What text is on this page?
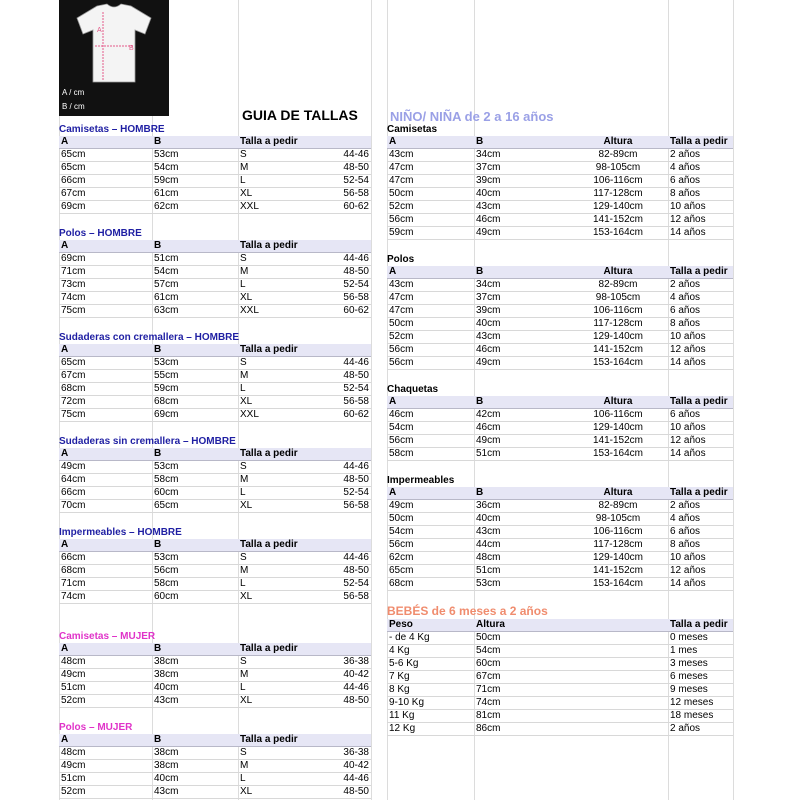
A
B
A / cm
B / cm
GUIA DE TALLAS
Camisetas – HOMBRE
A	B	Talla a pedir	
65cm	53cm	S	44-46
65cm	54cm	M	48-50
66cm	59cm	L	52-54
67cm	61cm	XL	56-58
69cm	62cm	XXL	60-62
Polos – HOMBRE
A	B	Talla a pedir	
69cm	51cm	S	44-46
71cm	54cm	M	48-50
73cm	57cm	L	52-54
74cm	61cm	XL	56-58
75cm	63cm	XXL	60-62
Sudaderas con cremallera – HOMBRE
A	B	Talla a pedir	
65cm	53cm	S	44-46
67cm	55cm	M	48-50
68cm	59cm	L	52-54
72cm	68cm	XL	56-58
75cm	69cm	XXL	60-62
Sudaderas sin cremallera – HOMBRE
A	B	Talla a pedir	
49cm	53cm	S	44-46
64cm	58cm	M	48-50
66cm	60cm	L	52-54
70cm	65cm	XL	56-58
Impermeables – HOMBRE
A	B	Talla a pedir	
66cm	53cm	S	44-46
68cm	56cm	M	48-50
71cm	58cm	L	52-54
74cm	60cm	XL	56-58
Camisetas – MUJER
A	B	Talla a pedir	
48cm	38cm	S	36-38
49cm	38cm	M	40-42
51cm	40cm	L	44-46
52cm	43cm	XL	48-50
Polos – MUJER
A	B	Talla a pedir	
48cm	38cm	S	36-38
49cm	38cm	M	40-42
51cm	40cm	L	44-46
52cm	43cm	XL	48-50
NIÑO/ NIÑA de 2 a 16 años
Camisetas
A	B	Altura	Talla a pedir
43cm	34cm	82-89cm	2 años
47cm	37cm	98-105cm	4 años
47cm	39cm	106-116cm	6 años
50cm	40cm	117-128cm	8 años
52cm	43cm	129-140cm	10 años
56cm	46cm	141-152cm	12 años
59cm	49cm	153-164cm	14 años
Polos
A	B	Altura	Talla a pedir
43cm	34cm	82-89cm	2 años
47cm	37cm	98-105cm	4 años
47cm	39cm	106-116cm	6 años
50cm	40cm	117-128cm	8 años
52cm	43cm	129-140cm	10 años
56cm	46cm	141-152cm	12 años
56cm	49cm	153-164cm	14 años
Chaquetas
A	B	Altura	Talla a pedir
46cm	42cm	106-116cm	6 años
54cm	46cm	129-140cm	10 años
56cm	49cm	141-152cm	12 años
58cm	51cm	153-164cm	14 años
Impermeables
A	B	Altura	Talla a pedir
49cm	36cm	82-89cm	2 años
50cm	40cm	98-105cm	4 años
54cm	43cm	106-116cm	6 años
56cm	44cm	117-128cm	8 años
62cm	48cm	129-140cm	10 años
65cm	51cm	141-152cm	12 años
68cm	53cm	153-164cm	14 años
BEBÉS de 6 meses a 2 años
Peso	Altura		Talla a pedir
- de 4 Kg	50cm		0 meses
4 Kg	54cm		1 mes
5-6 Kg	60cm		3 meses
7 Kg	67cm		6 meses
8 Kg	71cm		9 meses
9-10 Kg	74cm		12 meses
11 Kg	81cm		18 meses
12 Kg	86cm		2 años
